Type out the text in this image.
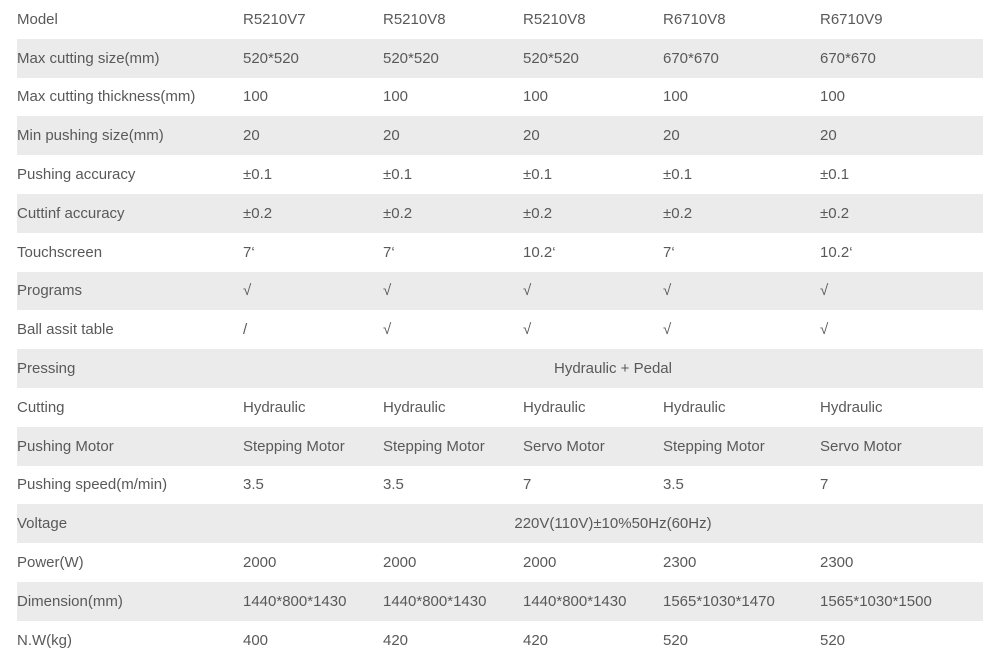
Model	R5210V7	R5210V8	R5210V8	R6710V8	R6710V9
Max cutting size(mm)	520*520	520*520	520*520	670*670	670*670
Max cutting thickness(mm)	100	100	100	100	100
Min pushing size(mm)	20	20	20	20	20
Pushing accuracy	±0.1	±0.1	±0.1	±0.1	±0.1
Cuttinf accuracy	±0.2	±0.2	±0.2	±0.2	±0.2
Touchscreen	7‘	7‘	10.2‘	7‘	10.2‘
Programs	√	√	√	√	√
Ball assit table	/	√	√	√	√
Pressing	Hydraulic + Pedal				
Cutting	Hydraulic	Hydraulic	Hydraulic	Hydraulic	Hydraulic
Pushing Motor	Stepping Motor	Stepping Motor	Servo Motor	Stepping Motor	Servo Motor
Pushing speed(m/min)	3.5	3.5	7	3.5	7
Voltage	220V(110V)±10%50Hz(60Hz)				
Power(W)	2000	2000	2000	2300	2300
Dimension(mm)	1440*800*1430	1440*800*1430	1440*800*1430	1565*1030*1470	1565*1030*1500
N.W(kg)	400	420	420	520	520
